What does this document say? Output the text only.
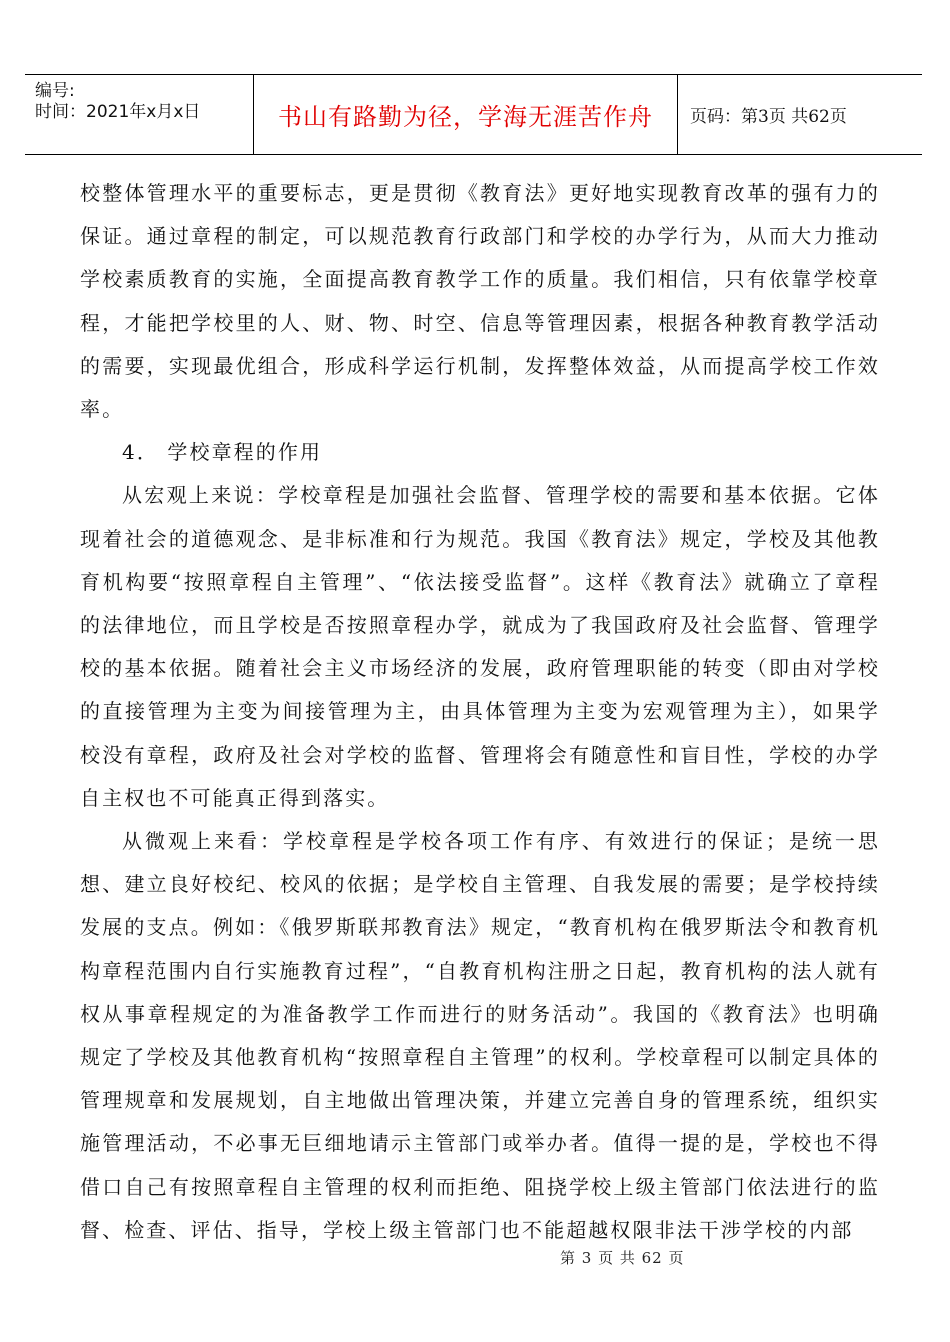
编号:
时间：2021年x月x日	书山有路勤为径，学海无涯苦作舟 页码：第3页 共62页

校整体管理水平的重要标志，更是贯彻《教育法》更好地实现教育改革的强有力的保证。通过章程的制定，可以规范教育行政部门和学校的办学行为，从而大力推动学校素质教育的实施，全面提高教育教学工作的质量。我们相信，只有依靠学校章程，才能把学校里的人、财、物、时空、信息等管理因素，根据各种教育教学活动的需要，实现最优组合，形成科学运行机制，发挥整体效益，从而提高学校工作效率。

4． 学校章程的作用

从宏观上来说：学校章程是加强社会监督、管理学校的需要和基本依据。它体现着社会的道德观念、是非标准和行为规范。我国《教育法》规定，学校及其他教育机构要“按照章程自主管理”、“依法接受监督”。这样《教育法》就确立了章程的法律地位，而且学校是否按照章程办学，就成为了我国政府及社会监督、管理学校的基本依据。随着社会主义市场经济的发展，政府管理职能的转变（即由对学校的直接管理为主变为间接管理为主，由具体管理为主变为宏观管理为主），如果学校没有章程，政府及社会对学校的监督、管理将会有随意性和盲目性，学校的办学自主权也不可能真正得到落实。

从微观上来看：学校章程是学校各项工作有序、有效进行的保证；是统一思想、建立良好校纪、校风的依据；是学校自主管理、自我发展的需要；是学校持续发展的支点。例如：《俄罗斯联邦教育法》规定，“教育机构在俄罗斯法令和教育机构章程范围内自行实施教育过程”，“自教育机构注册之日起，教育机构的法人就有权从事章程规定的为准备教学工作而进行的财务活动”。我国的《教育法》也明确规定了学校及其他教育机构“按照章程自主管理”的权利。学校章程可以制定具体的管理规章和发展规划，自主地做出管理决策，并建立完善自身的管理系统，组织实施管理活动，不必事无巨细地请示主管部门或举办者。值得一提的是，学校也不得借口自己有按照章程自主管理的权利而拒绝、阻挠学校上级主管部门依法进行的监督、检查、评估、指导，学校上级主管部门也不能超越权限非法干涉学校的内部

第 3 页 共 62 页
